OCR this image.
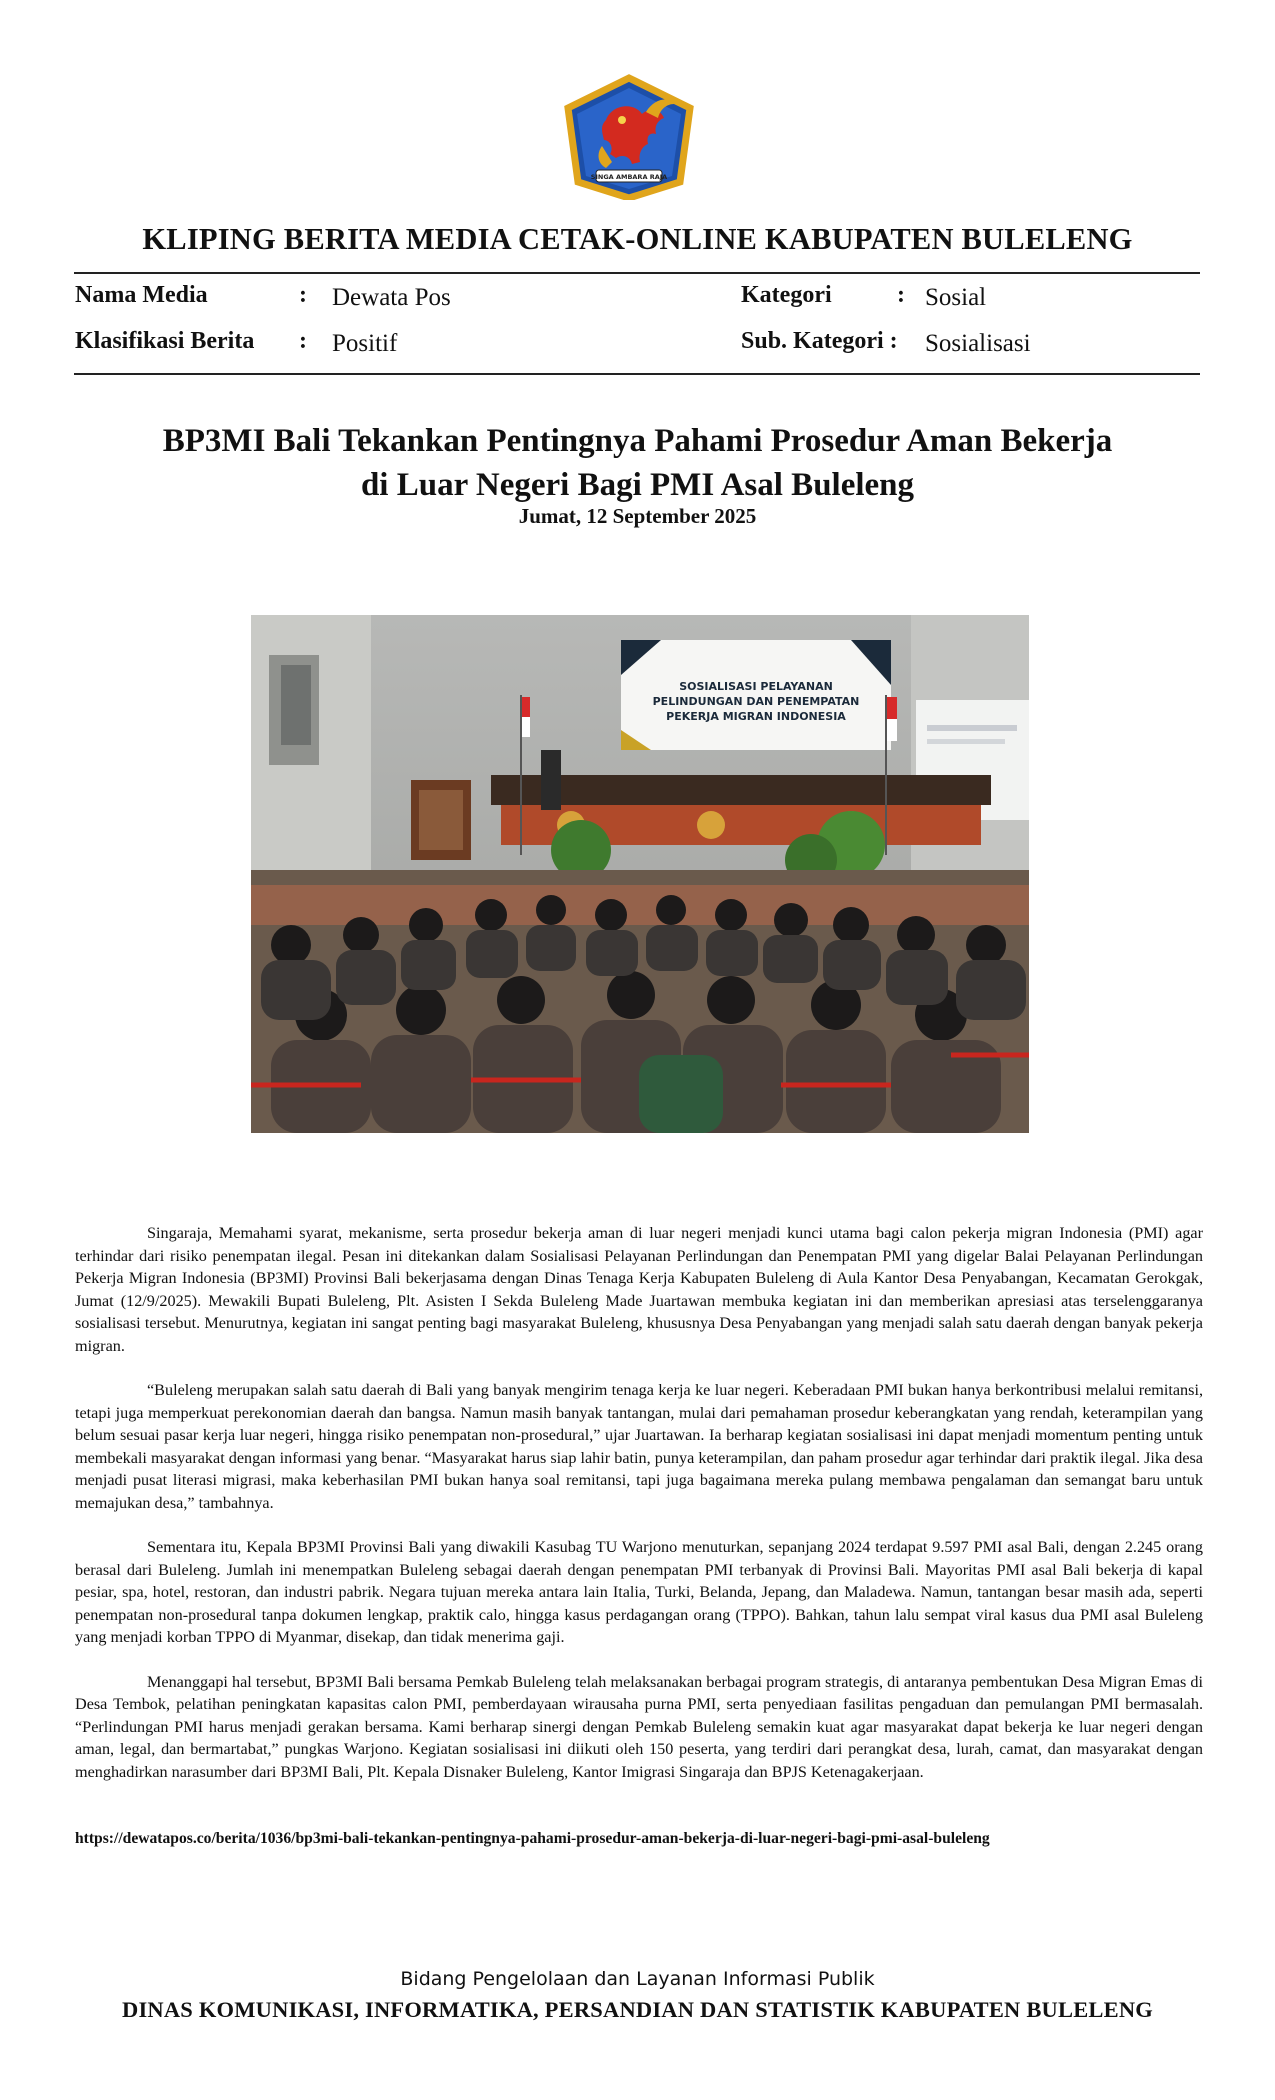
SINGA AMBARA RAJA
KLIPING BERITA MEDIA CETAK-ONLINE KABUPATEN BULELENG
Nama Media	: Dewata Pos	Kategori	: Sosial
Klasifikasi Berita : Positif	Sub. Kategori : Sosialisasi
BP3MI Bali Tekankan Pentingnya Pahami Prosedur Aman Bekerja
di Luar Negeri Bagi PMI Asal Buleleng
Jumat, 12 September 2025
SOSIALISASI PELAYANAN
PELINDUNGAN DAN PENEMPATAN
PEKERJA MIGRAN INDONESIA

Singaraja, Memahami syarat, mekanisme, serta prosedur bekerja aman di luar negeri menjadi kunci utama bagi calon pekerja migran Indonesia (PMI) agar terhindar dari risiko penempatan ilegal. Pesan ini ditekankan dalam Sosialisasi Pelayanan Perlindungan dan Penempatan PMI yang digelar Balai Pelayanan Perlindungan Pekerja Migran Indonesia (BP3MI) Provinsi Bali bekerjasama dengan Dinas Tenaga Kerja Kabupaten Buleleng di Aula Kantor Desa Penyabangan, Kecamatan Gerokgak, Jumat (12/9/2025). Mewakili Bupati Buleleng, Plt. Asisten I Sekda Buleleng Made Juartawan membuka kegiatan ini dan memberikan apresiasi atas terselenggaranya sosialisasi tersebut. Menurutnya, kegiatan ini sangat penting bagi masyarakat Buleleng, khususnya Desa Penyabangan yang menjadi salah satu daerah dengan banyak pekerja migran.

“Buleleng merupakan salah satu daerah di Bali yang banyak mengirim tenaga kerja ke luar negeri. Keberadaan PMI bukan hanya berkontribusi melalui remitansi, tetapi juga memperkuat perekonomian daerah dan bangsa. Namun masih banyak tantangan, mulai dari pemahaman prosedur keberangkatan yang rendah, keterampilan yang belum sesuai pasar kerja luar negeri, hingga risiko penempatan non-prosedural,” ujar Juartawan. Ia berharap kegiatan sosialisasi ini dapat menjadi momentum penting untuk membekali masyarakat dengan informasi yang benar. “Masyarakat harus siap lahir batin, punya keterampilan, dan paham prosedur agar terhindar dari praktik ilegal. Jika desa menjadi pusat literasi migrasi, maka keberhasilan PMI bukan hanya soal remitansi, tapi juga bagaimana mereka pulang membawa pengalaman dan semangat baru untuk memajukan desa,” tambahnya.

Sementara itu, Kepala BP3MI Provinsi Bali yang diwakili Kasubag TU Warjono menuturkan, sepanjang 2024 terdapat 9.597 PMI asal Bali, dengan 2.245 orang berasal dari Buleleng. Jumlah ini menempatkan Buleleng sebagai daerah dengan penempatan PMI terbanyak di Provinsi Bali. Mayoritas PMI asal Bali bekerja di kapal pesiar, spa, hotel, restoran, dan industri pabrik. Negara tujuan mereka antara lain Italia, Turki, Belanda, Jepang, dan Maladewa. Namun, tantangan besar masih ada, seperti penempatan non-prosedural tanpa dokumen lengkap, praktik calo, hingga kasus perdagangan orang (TPPO). Bahkan, tahun lalu sempat viral kasus dua PMI asal Buleleng yang menjadi korban TPPO di Myanmar, disekap, dan tidak menerima gaji.

Menanggapi hal tersebut, BP3MI Bali bersama Pemkab Buleleng telah melaksanakan berbagai program strategis, di antaranya pembentukan Desa Migran Emas di Desa Tembok, pelatihan peningkatan kapasitas calon PMI, pemberdayaan wirausaha purna PMI, serta penyediaan fasilitas pengaduan dan pemulangan PMI bermasalah. “Perlindungan PMI harus menjadi gerakan bersama. Kami berharap sinergi dengan Pemkab Buleleng semakin kuat agar masyarakat dapat bekerja ke luar negeri dengan aman, legal, dan bermartabat,” pungkas Warjono. Kegiatan sosialisasi ini diikuti oleh 150 peserta, yang terdiri dari perangkat desa, lurah, camat, dan masyarakat dengan menghadirkan narasumber dari BP3MI Bali, Plt. Kepala Disnaker Buleleng, Kantor Imigrasi Singaraja dan BPJS Ketenagakerjaan.

https://dewatapos.co/berita/1036/bp3mi-bali-tekankan-pentingnya-pahami-prosedur-aman-bekerja-di-luar-negeri-bagi-pmi-asal-buleleng
Bidang Pengelolaan dan Layanan Informasi Publik
DINAS KOMUNIKASI, INFORMATIKA, PERSANDIAN DAN STATISTIK KABUPATEN BULELENG
